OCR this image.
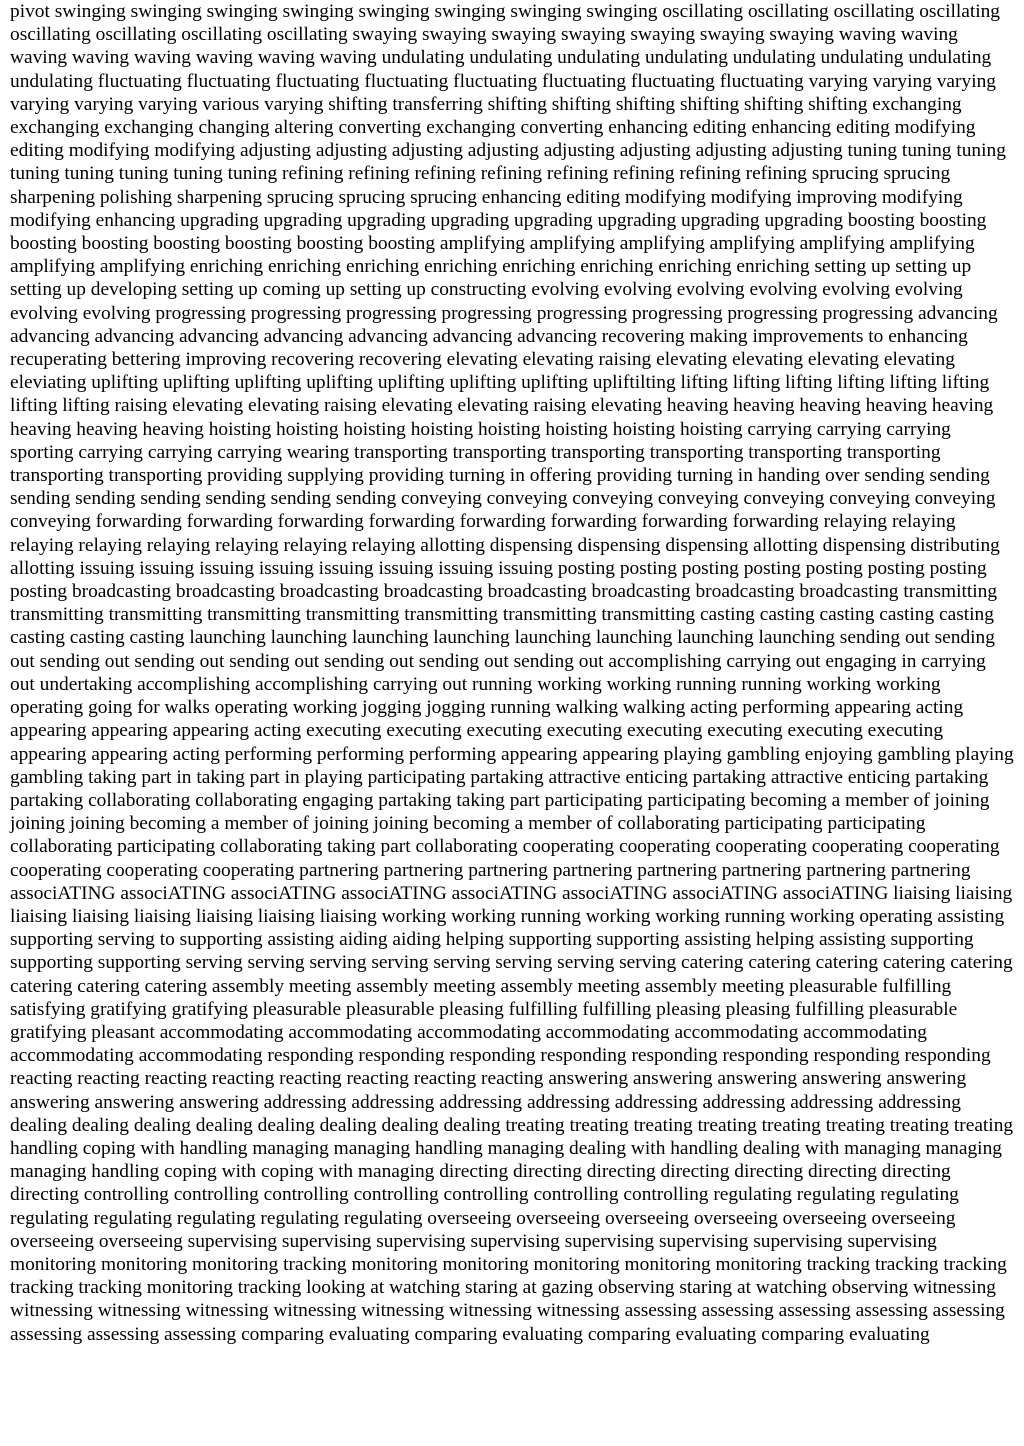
pivot swinging swinging swinging swinging swinging swinging swinging swinging oscillating oscillating oscillating oscillating oscillating oscillating oscillating oscillating swaying swaying swaying swaying swaying swaying swaying waving waving waving waving waving waving waving waving undulating undulating undulating undulating undulating undulating undulating undulating fluctuating fluctuating fluctuating fluctuating fluctuating fluctuating fluctuating fluctuating varying varying varying varying varying varying various varying shifting transferring shifting shifting shifting shifting shifting shifting exchanging exchanging exchanging changing altering converting exchanging converting enhancing editing enhancing editing modifying editing modifying modifying adjusting adjusting adjusting adjusting adjusting adjusting adjusting adjusting tuning tuning tuning tuning tuning tuning tuning tuning refining refining refining refining refining refining refining refining sprucing sprucing sharpening polishing sharpening sprucing sprucing sprucing enhancing editing modifying modifying improving modifying modifying enhancing upgrading upgrading upgrading upgrading upgrading upgrading upgrading upgrading boosting boosting boosting boosting boosting boosting boosting boosting amplifying amplifying amplifying amplifying amplifying amplifying amplifying amplifying enriching enriching enriching enriching enriching enriching enriching enriching setting up setting up setting up developing setting up coming up setting up constructing evolving evolving evolving evolving evolving evolving evolving evolving progressing progressing progressing progressing progressing progressing progressing progressing advancing advancing advancing advancing advancing advancing advancing advancing recovering making improvements to enhancing recuperating bettering improving recovering recovering elevating elevating raising elevating elevating elevating elevating eleviating uplifting uplifting uplifting uplifting uplifting uplifting uplifting upliftilting lifting lifting lifting lifting lifting lifting lifting lifting raising elevating elevating raising elevating elevating raising elevating heaving heaving heaving heaving heaving heaving heaving heaving hoisting hoisting hoisting hoisting hoisting hoisting hoisting hoisting carrying carrying carrying sporting carrying carrying carrying wearing transporting transporting transporting transporting transporting transporting transporting transporting providing supplying providing turning in offering providing turning in handing over sending sending sending sending sending sending sending sending conveying conveying conveying conveying conveying conveying conveying conveying forwarding forwarding forwarding forwarding forwarding forwarding forwarding forwarding relaying relaying relaying relaying relaying relaying relaying relaying allotting dispensing dispensing dispensing allotting dispensing distributing allotting issuing issuing issuing issuing issuing issuing issuing issuing posting posting posting posting posting posting posting posting broadcasting broadcasting broadcasting broadcasting broadcasting broadcasting broadcasting broadcasting transmitting transmitting transmitting transmitting transmitting transmitting transmitting transmitting casting casting casting casting casting casting casting casting launching launching launching launching launching launching launching launching sending out sending out sending out sending out sending out sending out sending out sending out accomplishing carrying out engaging in carrying out undertaking accomplishing accomplishing carrying out running working working running running working working operating going for walks operating working jogging jogging running walking walking acting performing appearing acting appearing appearing appearing acting executing executing executing executing executing executing executing executing appearing appearing acting performing performing performing appearing appearing playing gambling enjoying gambling playing gambling taking part in taking part in playing participating partaking attractive enticing partaking attractive enticing partaking partaking collaborating collaborating engaging partaking taking part participating participating becoming a member of joining joining joining becoming a member of joining joining becoming a member of collaborating participating participating collaborating participating collaborating taking part collaborating cooperating cooperating cooperating cooperating cooperating cooperating cooperating cooperating partnering partnering partnering partnering partnering partnering partnering partnering associATING associATING associATING associATING associATING associATING associATING associATING liaising liaising liaising liaising liaising liaising liaising liaising working working running working working running working operating assisting supporting serving to supporting assisting aiding aiding helping supporting supporting assisting helping assisting supporting supporting supporting serving serving serving serving serving serving serving serving catering catering catering catering catering catering catering catering assembly meeting assembly meeting assembly meeting assembly meeting pleasurable fulfilling satisfying gratifying gratifying pleasurable pleasurable pleasing fulfilling fulfilling pleasing pleasing fulfilling pleasurable gratifying pleasant accommodating accommodating accommodating accommodating accommodating accommodating accommodating accommodating responding responding responding responding responding responding responding responding reacting reacting reacting reacting reacting reacting reacting reacting answering answering answering answering answering answering answering answering addressing addressing addressing addressing addressing addressing addressing addressing dealing dealing dealing dealing dealing dealing dealing dealing treating treating treating treating treating treating treating treating handling coping with handling managing managing handling managing dealing with handling dealing with managing managing managing handling coping with coping with managing directing directing directing directing directing directing directing directing controlling controlling controlling controlling controlling controlling controlling regulating regulating regulating regulating regulating regulating regulating regulating overseeing overseeing overseeing overseeing overseeing overseeing overseeing overseeing supervising supervising supervising supervising supervising supervising supervising supervising monitoring monitoring monitoring tracking monitoring monitoring monitoring monitoring monitoring tracking tracking tracking tracking tracking monitoring tracking looking at watching staring at gazing observing staring at watching observing witnessing witnessing witnessing witnessing witnessing witnessing witnessing witnessing assessing assessing assessing assessing assessing assessing assessing assessing comparing evaluating comparing evaluating comparing evaluating comparing evaluating
